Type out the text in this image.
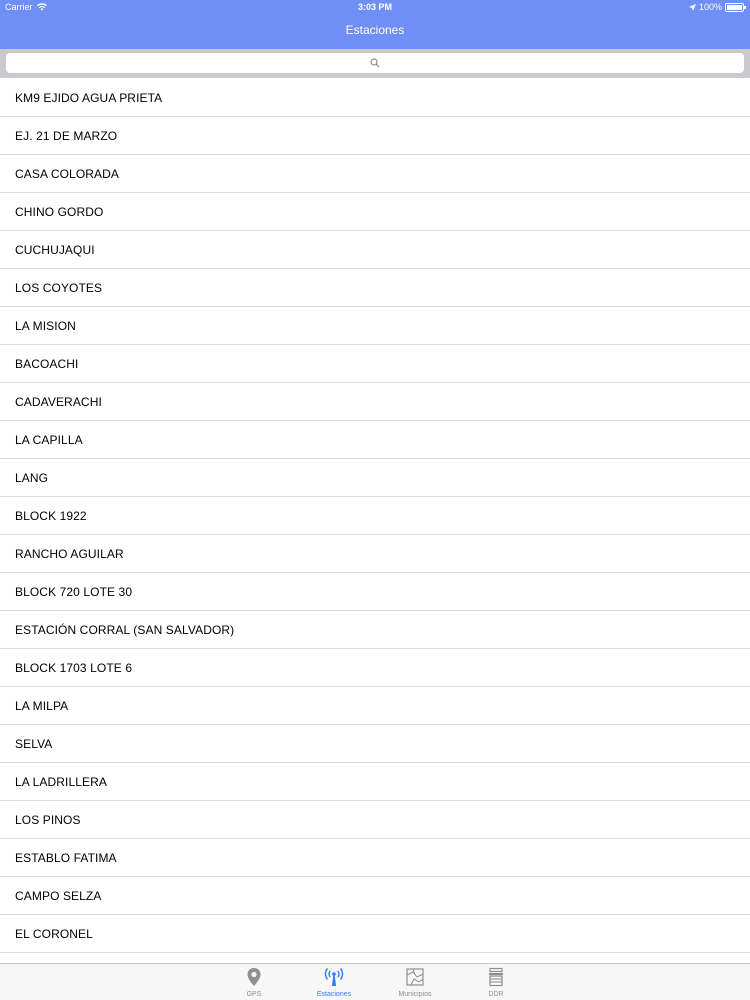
Carrier	3:03 PM	100%
Estaciones
KM9 EJIDO AGUA PRIETA
EJ. 21 DE MARZO
CASA COLORADA
CHINO GORDO
CUCHUJAQUI
LOS COYOTES
LA MISION
BACOACHI
CADAVERACHI
LA CAPILLA
LANG
BLOCK 1922
RANCHO AGUILAR
BLOCK 720 LOTE 30
ESTACIÓN CORRAL (SAN SALVADOR)
BLOCK 1703 LOTE 6
LA MILPA
SELVA
LA LADRILLERA
LOS PINOS
ESTABLO FATIMA
CAMPO SELZA
EL CORONEL
GPS	Estaciones	Municipios	DDR
